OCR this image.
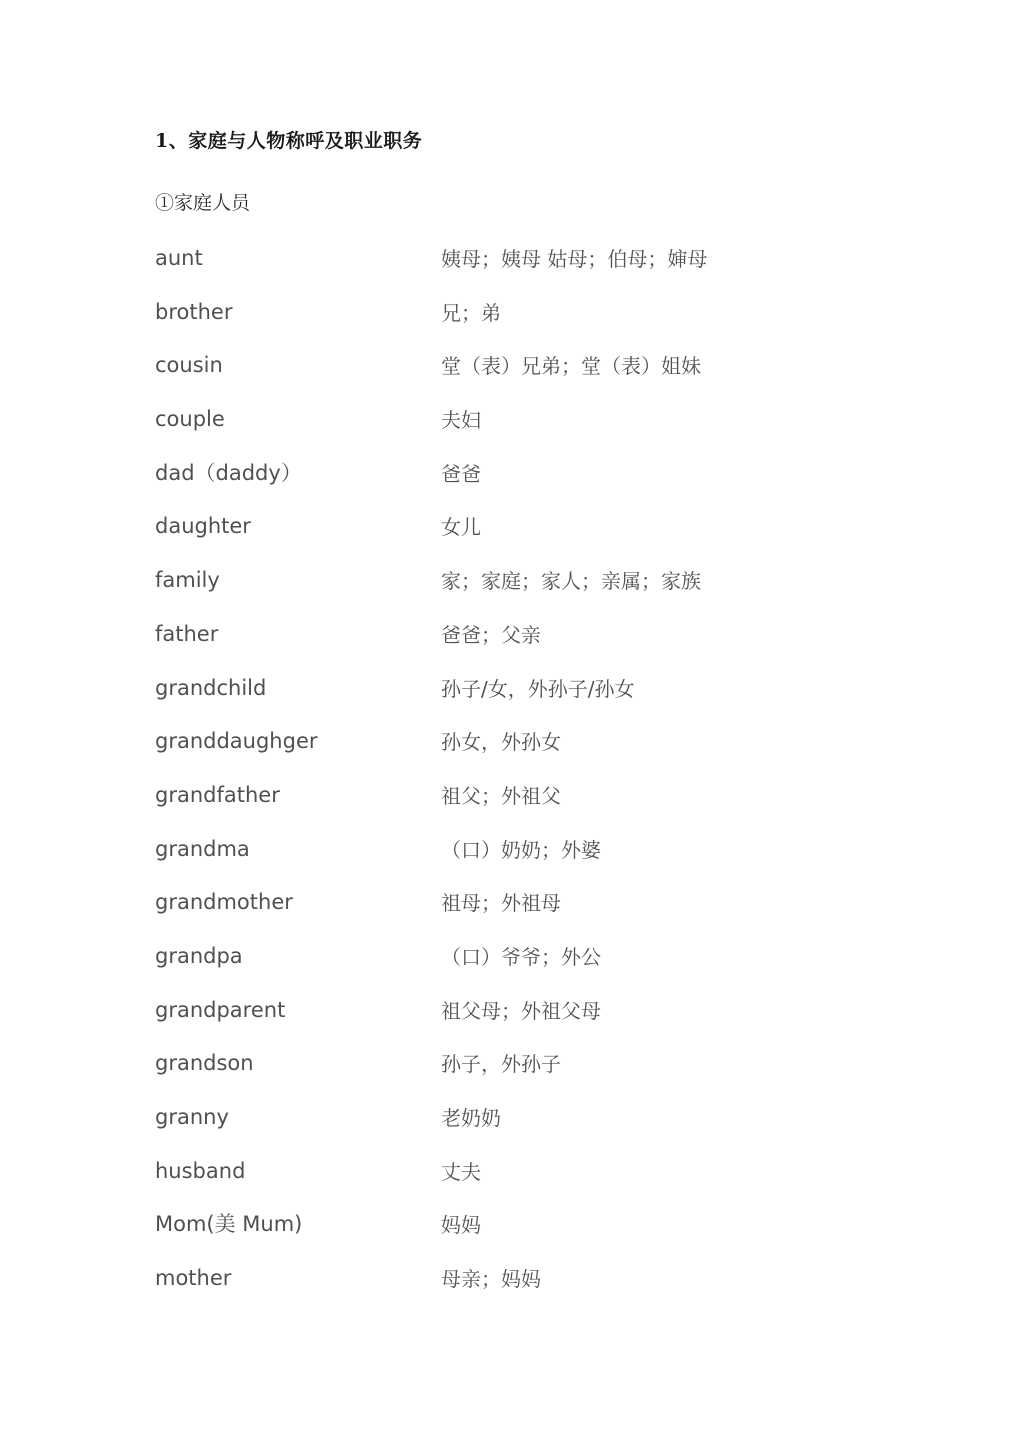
1、家庭与人物称呼及职业职务
①家庭人员
aunt	姨母；姨母 姑母；伯母；婶母
brother	兄；弟
cousin	堂（表）兄弟；堂（表）姐妹
couple	夫妇
dad（daddy）	爸爸
daughter	女儿
family	家；家庭；家人；亲属；家族
father	爸爸；父亲
grandchild	孙子/女，外孙子/孙女
granddaughger	孙女，外孙女
grandfather	祖父；外祖父
grandma	（口）奶奶；外婆
grandmother	祖母；外祖母
grandpa	（口）爷爷；外公
grandparent	祖父母；外祖父母
grandson	孙子，外孙子
granny	老奶奶
husband	丈夫
Mom(美 Mum)	妈妈
mother	母亲；妈妈
